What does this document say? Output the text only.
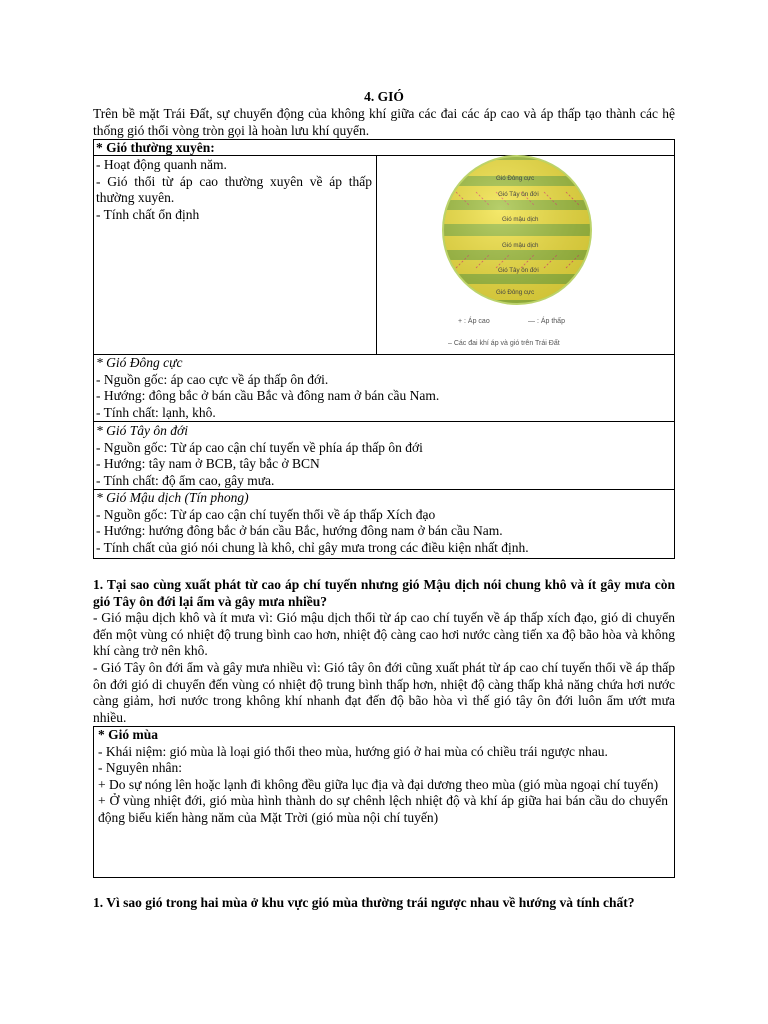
4. GIÓ
Trên bề mặt Trái Đất, sự chuyển động của không khí giữa các đai các áp cao và áp thấp tạo thành các hệ thống gió thổi vòng tròn gọi là hoàn lưu khí quyển.
* Gió thường xuyên:
- Hoạt động quanh năm.
- Gió thổi từ áp cao thường xuyên về áp thấp thường xuyên.
- Tính chất ổn định
Gió Đông cực
Gió Tây ôn đới
Gió mậu dịch
Gió mậu dịch
Gió Tây ôn đới
Gió Đông cực
+ : Áp cao	— : Áp thấp
– Các đai khí áp và gió trên Trái Đất
* Gió Đông cực
- Nguồn gốc: áp cao cực về áp thấp ôn đới.
- Hướng: đông bắc ở bán cầu Bắc và đông nam ở bán cầu Nam.
- Tính chất: lạnh, khô.
* Gió Tây ôn đới
- Nguồn gốc: Từ áp cao cận chí tuyến về phía áp thấp ôn đới
- Hướng: tây nam ở BCB, tây bắc ở BCN
- Tính chất: độ ẩm cao, gây mưa.
* Gió Mậu dịch (Tín phong)
- Nguồn gốc: Từ áp cao cận chí tuyến thổi về áp thấp Xích đạo
- Hướng: hướng đông bắc ở bán cầu Bắc, hướng đông nam ở bán cầu Nam.
- Tính chất của gió nói chung là khô, chỉ gây mưa trong các điều kiện nhất định.
1. Tại sao cùng xuất phát từ cao áp chí tuyến nhưng gió Mậu dịch nói chung khô và ít gây mưa còn gió Tây ôn đới lại ẩm và gây mưa nhiều?
- Gió mậu dịch khô và ít mưa vì: Gió mậu dịch thổi từ áp cao chí tuyến về áp thấp xích đạo, gió di chuyển đến một vùng có nhiệt độ trung bình cao hơn, nhiệt độ càng cao hơi nước càng tiến xa độ bão hòa và không khí càng trở nên khô.
- Gió Tây ôn đới ẩm và gây mưa nhiều vì: Gió tây ôn đới cũng xuất phát từ áp cao chí tuyến thổi về áp thấp ôn đới gió di chuyển đến vùng có nhiệt độ trung bình thấp hơn, nhiệt độ càng thấp khả năng chứa hơi nước càng giảm, hơi nước trong không khí nhanh đạt đến độ bão hòa vì thế gió tây ôn đới luôn ẩm ướt mưa nhiều.
* Gió mùa
- Khái niệm: gió mùa là loại gió thổi theo mùa, hướng gió ở hai mùa có chiều trái ngược nhau.
- Nguyên nhân:
+ Do sự nóng lên hoặc lạnh đi không đều giữa lục địa và đại dương theo mùa (gió mùa ngoại chí tuyến)
+ Ở vùng nhiệt đới, gió mùa hình thành do sự chênh lệch nhiệt độ và khí áp giữa hai bán cầu do chuyển động biểu kiến hàng năm của Mặt Trời (gió mùa nội chí tuyến)
1. Vì sao gió trong hai mùa ở khu vực gió mùa thường trái ngược nhau về hướng và tính chất?
